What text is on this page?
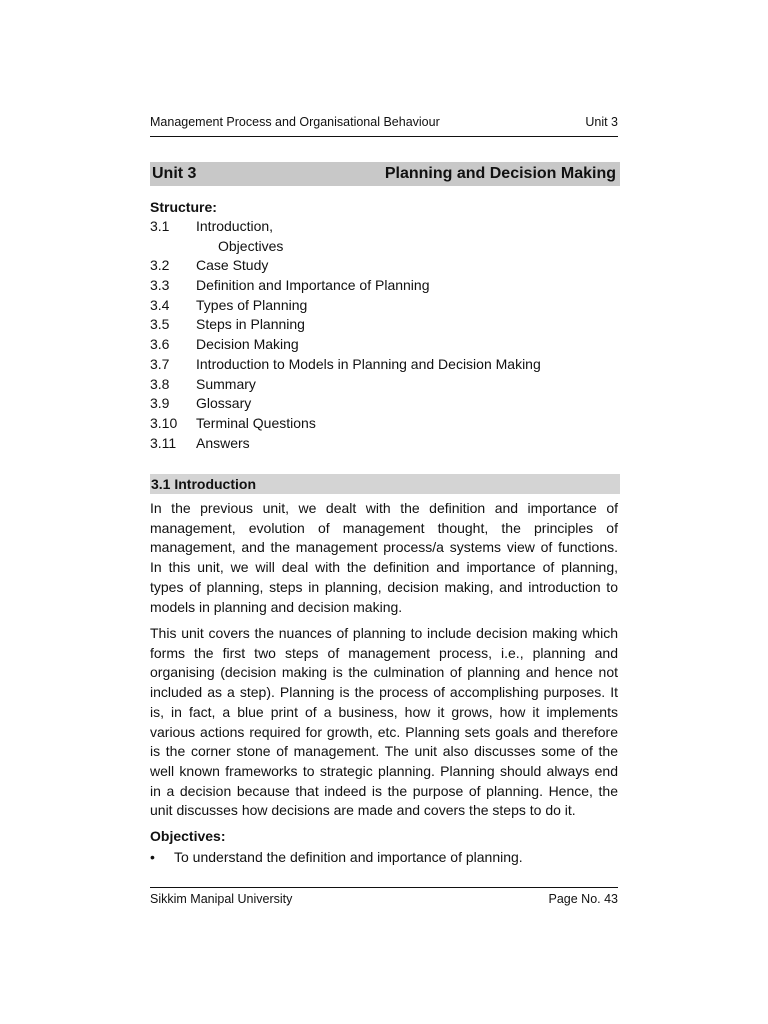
Management Process and Organisational Behaviour	Unit 3
Unit 3	Planning and Decision Making
Structure:
3.1	Introduction,
Objectives
3.2	Case Study
3.3	Definition and Importance of Planning
3.4	Types of Planning
3.5	Steps in Planning
3.6	Decision Making
3.7	Introduction to Models in Planning and Decision Making
3.8	Summary
3.9	Glossary
3.10	Terminal Questions
3.11	Answers
3.1 Introduction

In the previous unit, we dealt with the definition and importance of management, evolution of management thought, the principles of management, and the management process/a systems view of functions. In this unit, we will deal with the definition and importance of planning, types of planning, steps in planning, decision making, and introduction to models in planning and decision making.

This unit covers the nuances of planning to include decision making which forms the first two steps of management process, i.e., planning and organising (decision making is the culmination of planning and hence not included as a step). Planning is the process of accomplishing purposes. It is, in fact, a blue print of a business, how it grows, how it implements various actions required for growth, etc. Planning sets goals and therefore is the corner stone of management. The unit also discusses some of the well known frameworks to strategic planning. Planning should always end in a decision because that indeed is the purpose of planning. Hence, the unit discusses how decisions are made and covers the steps to do it.

Objectives:
•	To understand the definition and importance of planning.
Sikkim Manipal University	Page No. 43
